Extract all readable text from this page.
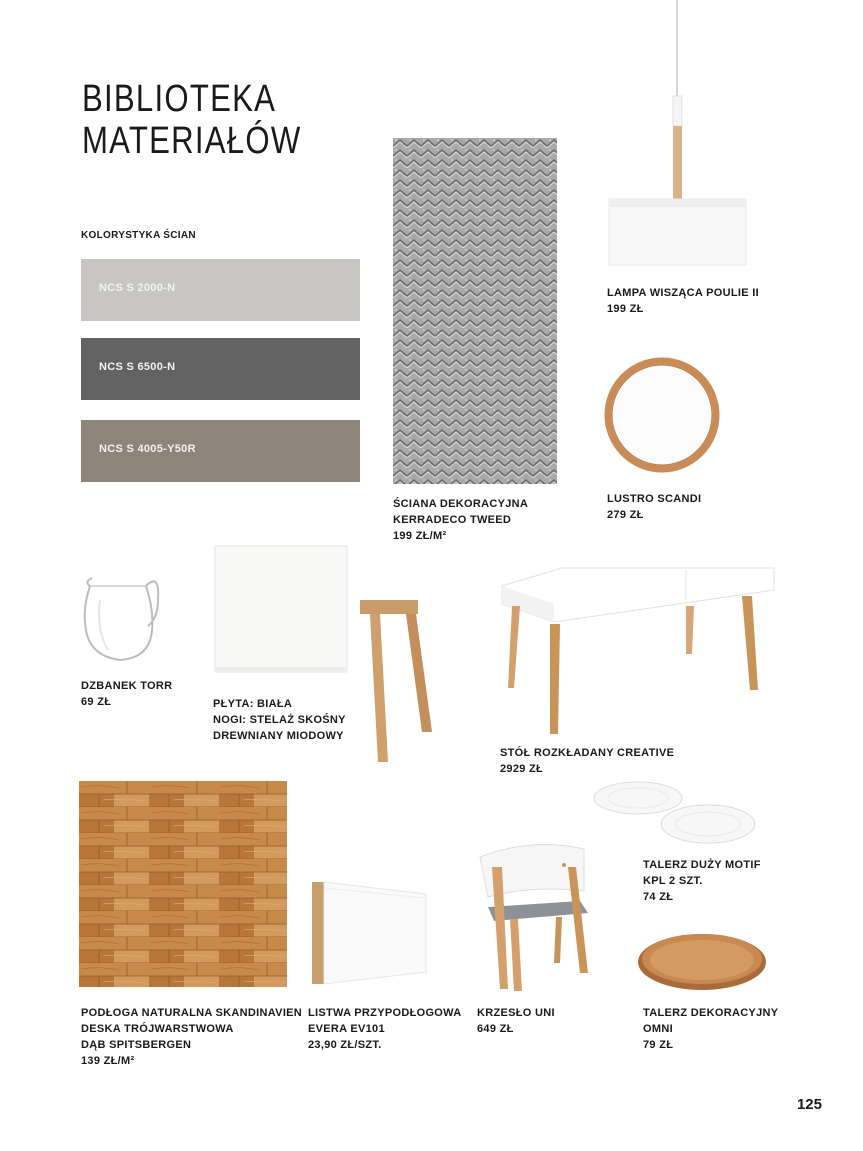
BIBLIOTEKA
MATERIAŁÓW
KOLORYSTYKA ŚCIAN
NCS S 2000-N
NCS S 6500-N
NCS S 4005-Y50R
ŚCIANA DEKORACYJNA
KERRADECO TWEED
199 ZŁ/M²
LAMPA WISZĄCA POULIE II
199 ZŁ
LUSTRO SCANDI
279 ZŁ
DZBANEK TORR
69 ZŁ	PŁYTA: BIAŁA
NOGI: STELAŻ SKOŚNY
DREWNIANY MIODOWY
STÓŁ ROZKŁADANY CREATIVE
2929 ZŁ
TALERZ DUŻY MOTIF
KPL 2 SZT.
74 ZŁ
PODŁOGA NATURALNA SKANDINAVIEN
DESKA TRÓJWARSTWOWA
DĄB SPITSBERGEN
139 ZŁ/M²
LISTWA PRZYPODŁOGOWA
EVERA EV101
23,90 ZŁ/SZT.
KRZESŁO UNI
649 ZŁ
TALERZ DEKORACYJNY
OMNI
79 ZŁ
125
